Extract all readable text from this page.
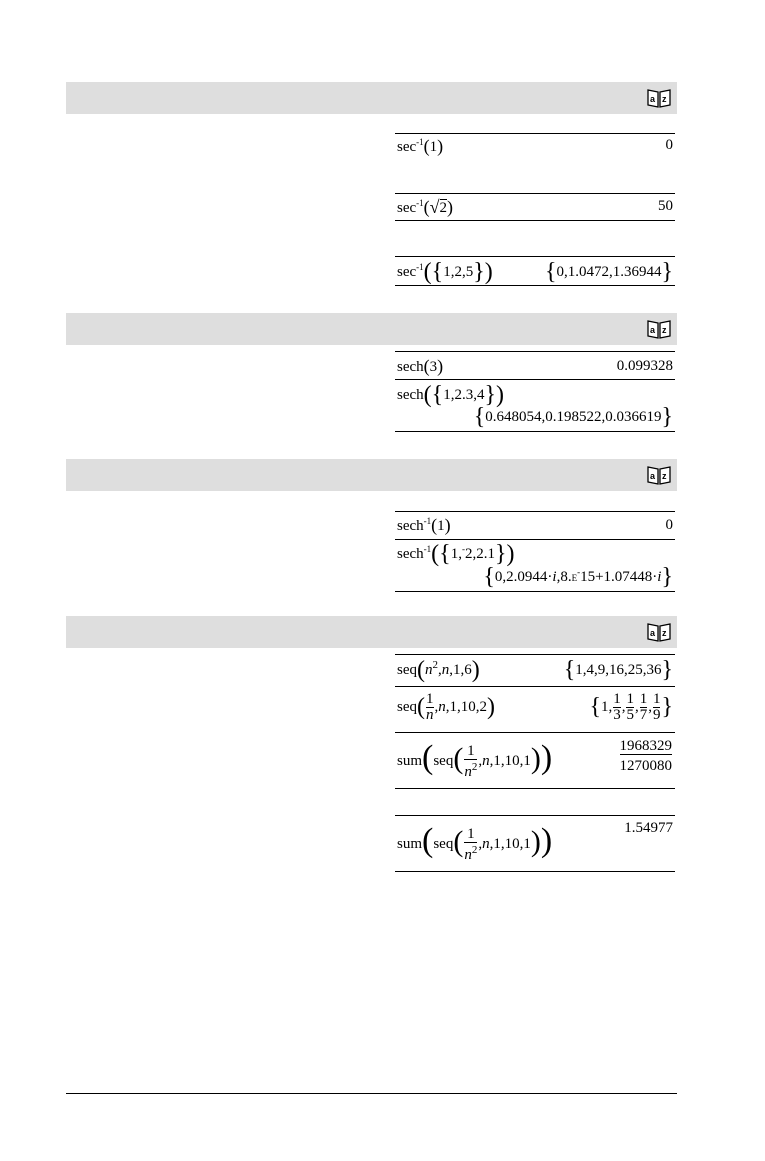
a z
$\sec^{-1}(1)$	0
$\sec^{-1}(√2)$	50
$\sec^{-1}(\{1,2,5\})$ {0,1.0472,1.36944}
a z
sech(3)	0.099328
sech({1,2.3,4})
{0.648054,0.198522,0.036619}
a z
sech$^{-1}$(1)	0
sech$^{-1}$({1,-2,2.1})
{0,2.0944·i,8.E-15+1.07448·i}
a z
$seq(n^2,n,1,6)$	{1,4,9,16,25,36}
$seq( \frac{1}{n} ,n,1,10,2)$	{1, $\frac{1}{3}$ , $\frac{1}{5}$ , $\frac{1}{7}$ , $\frac{1}{9}$ }
$sum(seq( \frac{1}{n^2} ,n,1,10,1))$	$\frac{1968329}{1270080}$
$sum(seq( \frac{1}{n^2} ,n,1,10,1))$	1.54977
